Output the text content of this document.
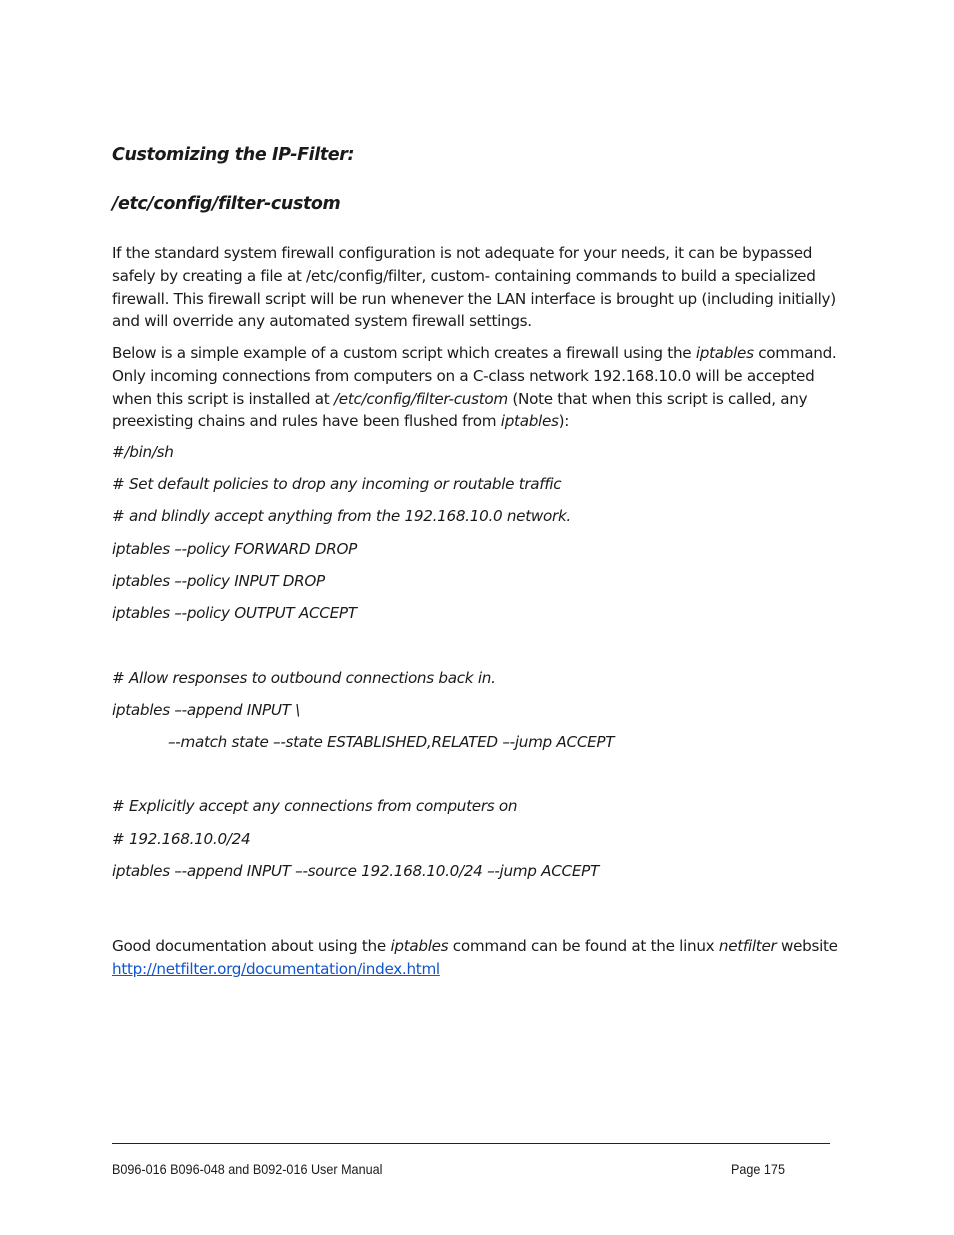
Customizing the IP-Filter:
/etc/config/filter-custom
If the standard system firewall configuration is not adequate for your needs, it can be bypassed safely by creating a file at /etc/config/filter, custom- containing commands to build a specialized firewall. This firewall script will be run whenever the LAN interface is brought up (including initially) and will override any automated system firewall settings.
Below is a simple example of a custom script which creates a firewall using the iptables command. Only incoming connections from computers on a C-class network 192.168.10.0 will be accepted when this script is installed at /etc/config/filter-custom (Note that when this script is called, any preexisting chains and rules have been flushed from iptables):
#/bin/sh
# Set default policies to drop any incoming or routable traffic
# and blindly accept anything from the 192.168.10.0 network.
iptables –-policy FORWARD DROP
iptables –-policy INPUT DROP
iptables –-policy OUTPUT ACCEPT
# Allow responses to outbound connections back in.
iptables –-append INPUT \
–-match state –-state ESTABLISHED,RELATED –-jump ACCEPT
# Explicitly accept any connections from computers on
# 192.168.10.0/24
iptables –-append INPUT –-source 192.168.10.0/24 –-jump ACCEPT
Good documentation about using the iptables command can be found at the linux netfilter website http://netfilter.org/documentation/index.html
B096-016 B096-048 and B092-016 User Manual	Page 175
